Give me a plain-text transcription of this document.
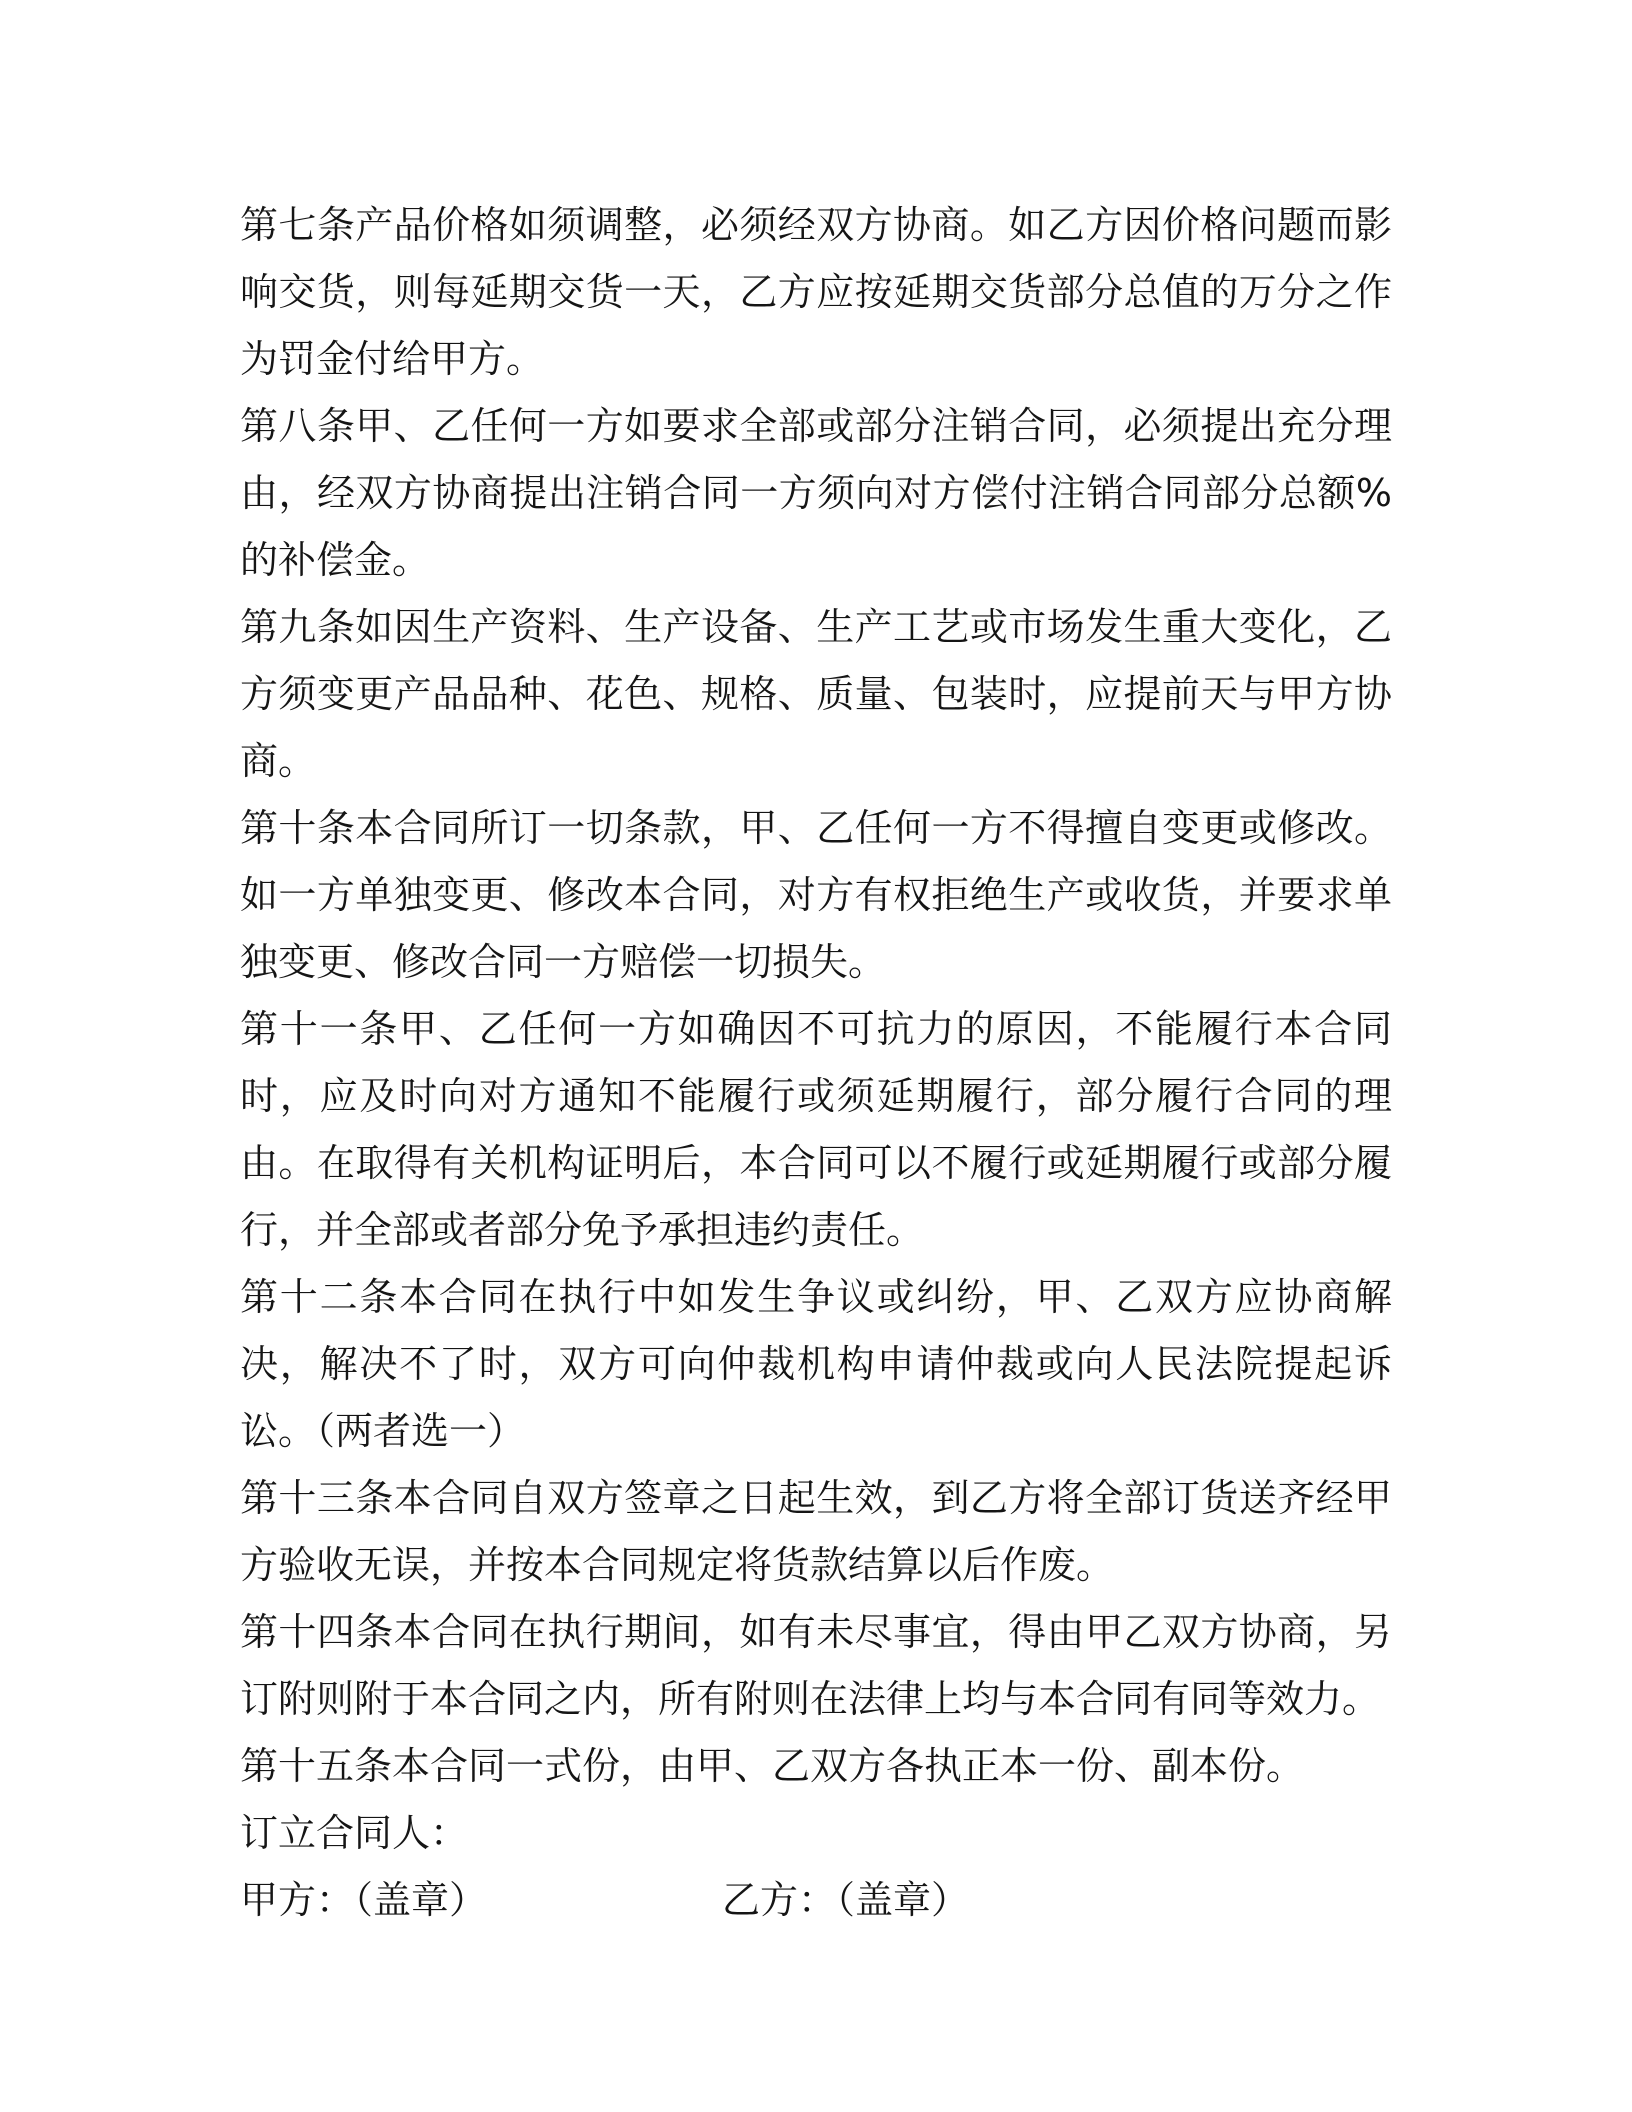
第七条产品价格如须调整，必须经双方协商。如乙方因价格问题而影响交货，则每延期交货一天，乙方应按延期交货部分总值的万分之作为罚金付给甲方。

第八条甲、乙任何一方如要求全部或部分注销合同，必须提出充分理由，经双方协商提出注销合同一方须向对方偿付注销合同部分总额%的补偿金。

第九条如因生产资料、生产设备、生产工艺或市场发生重大变化，乙方须变更产品品种、花色、规格、质量、包装时，应提前天与甲方协商。

第十条本合同所订一切条款，甲、乙任何一方不得擅自变更或修改。如一方单独变更、修改本合同，对方有权拒绝生产或收货，并要求单独变更、修改合同一方赔偿一切损失。

第十一条甲、乙任何一方如确因不可抗力的原因，不能履行本合同时，应及时向对方通知不能履行或须延期履行，部分履行合同的理由。在取得有关机构证明后，本合同可以不履行或延期履行或部分履行，并全部或者部分免予承担违约责任。

第十二条本合同在执行中如发生争议或纠纷，甲、乙双方应协商解决，解决不了时，双方可向仲裁机构申请仲裁或向人民法院提起诉讼。（两者选一）

第十三条本合同自双方签章之日起生效，到乙方将全部订货送齐经甲方验收无误，并按本合同规定将货款结算以后作废。

第十四条本合同在执行期间，如有未尽事宜，得由甲乙双方协商，另订附则附于本合同之内，所有附则在法律上均与本合同有同等效力。

第十五条本合同一式份，由甲、乙双方各执正本一份、副本份。

订立合同人：

甲方：（盖章）	乙方：（盖章）
